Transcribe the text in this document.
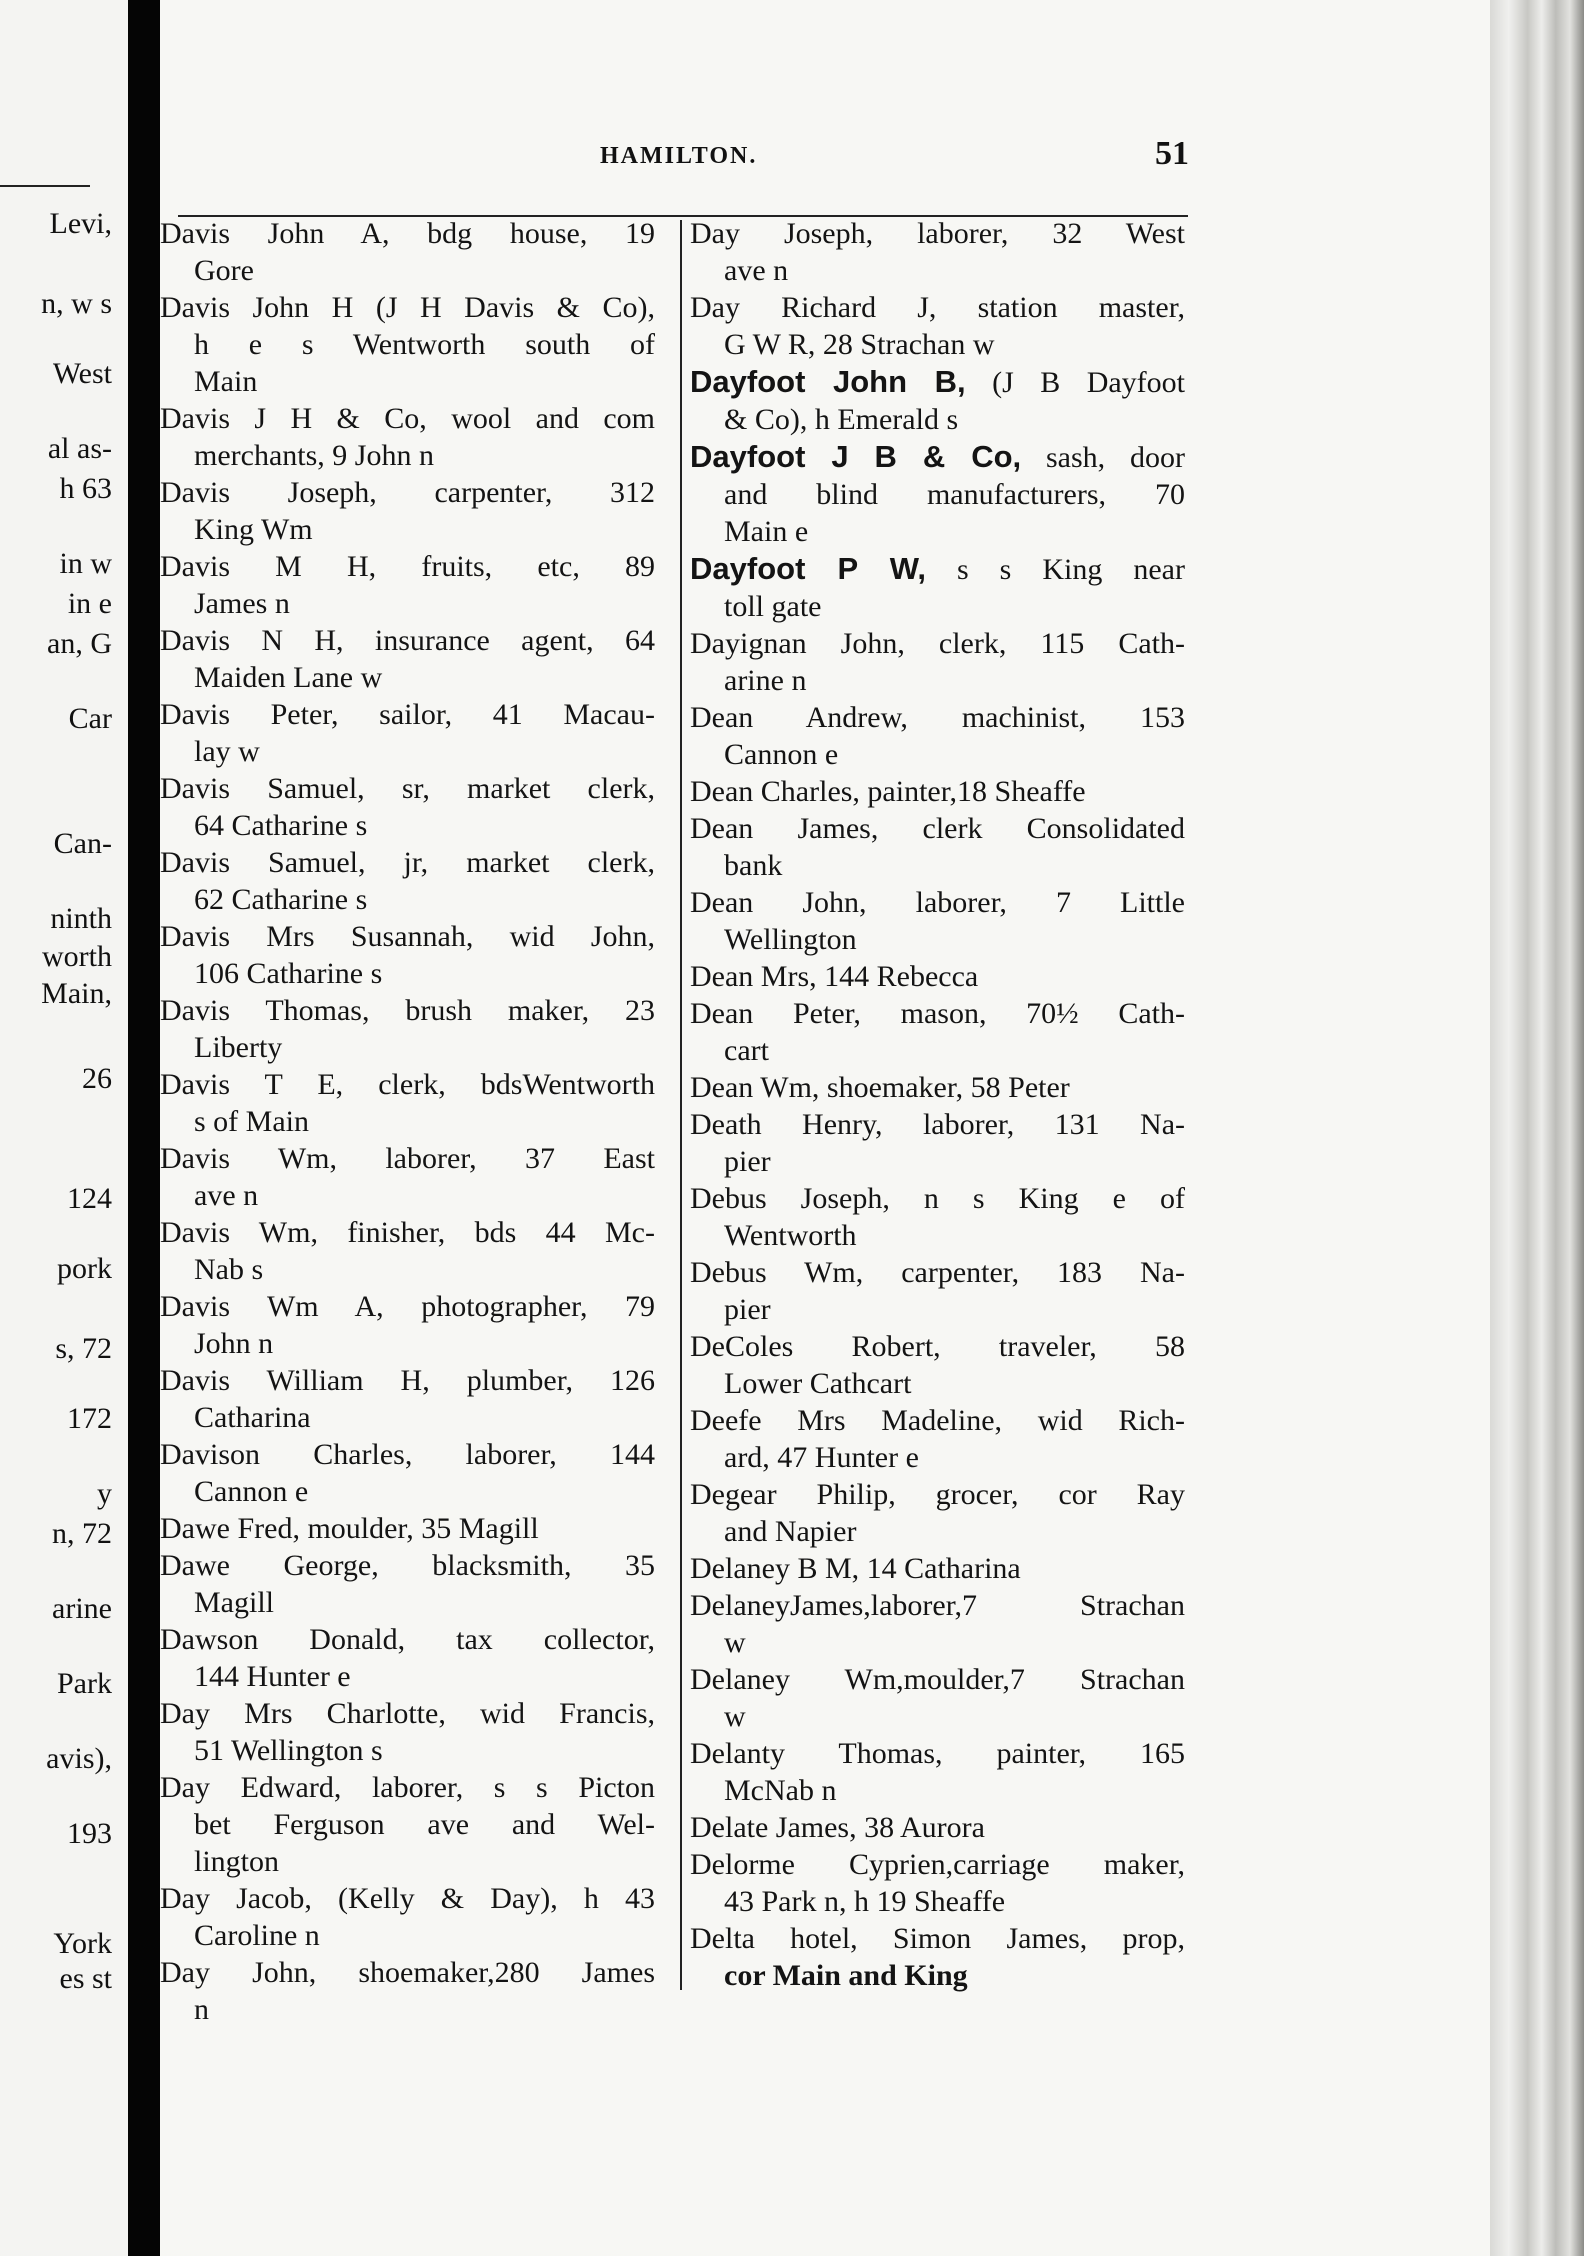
Levi,
n, w s
West
al as-
h 63
in w
in e
an, G
Car
Can-
ninth
worth
Main,
26
124
pork
s, 72
172
y
n, 72
arine
Park
avis),
193
York
es st
HAMILTON.	51
Davis John A, bdg house, 19
Gore
Davis John H (J H Davis & Co),
h e s Wentworth south of
Main
Davis J H & Co, wool and com
merchants, 9 John n
Davis Joseph, carpenter, 312
King Wm
Davis M H, fruits, etc, 89
James n
Davis N H, insurance agent, 64
Maiden Lane w
Davis Peter, sailor, 41 Macau-
lay w
Davis Samuel, sr, market clerk,
64 Catharine s
Davis Samuel, jr, market clerk,
62 Catharine s
Davis Mrs Susannah, wid John,
106 Catharine s
Davis Thomas, brush maker, 23
Liberty
Davis T E, clerk, bdsWentworth
s of Main
Davis Wm, laborer, 37 East
ave n
Davis Wm, finisher, bds 44 Mc-
Nab s
Davis Wm A, photographer, 79
John n
Davis William H, plumber, 126
Catharina
Davison Charles, laborer, 144
Cannon e
Dawe Fred, moulder, 35 Magill
Dawe George, blacksmith, 35
Magill
Dawson Donald, tax collector,
144 Hunter e
Day Mrs Charlotte, wid Francis,
51 Wellington s
Day Edward, laborer, s s Picton
bet Ferguson ave and Wel-
lington
Day Jacob, (Kelly & Day), h 43
Caroline n
Day John, shoemaker,280 James
n
Day Joseph, laborer, 32 West
ave n
Day Richard J, station master,
G W R, 28 Strachan w
Dayfoot John B, (J B Dayfoot
& Co), h Emerald s
Dayfoot J B & Co, sash, door
and blind manufacturers, 70
Main e
Dayfoot P W, s s King near
toll gate
Dayignan John, clerk, 115 Cath-
arine n
Dean Andrew, machinist, 153
Cannon e
Dean Charles, painter,18 Sheaffe
Dean James, clerk Consolidated
bank
Dean John, laborer, 7 Little
Wellington
Dean Mrs, 144 Rebecca
Dean Peter, mason, 70½ Cath-
cart
Dean Wm, shoemaker, 58 Peter
Death Henry, laborer, 131 Na-
pier
Debus Joseph, n s King e of
Wentworth
Debus Wm, carpenter, 183 Na-
pier
DeColes Robert, traveler, 58
Lower Cathcart
Deefe Mrs Madeline, wid Rich-
ard, 47 Hunter e
Degear Philip, grocer, cor Ray
and Napier
Delaney B M, 14 Catharina
DelaneyJames,laborer,7 Strachan
w
Delaney Wm,moulder,7 Strachan
w
Delanty Thomas, painter, 165
McNab n
Delate James, 38 Aurora
Delorme Cyprien,carriage maker,
43 Park n, h 19 Sheaffe
Delta hotel, Simon James, prop,
cor Main and King
